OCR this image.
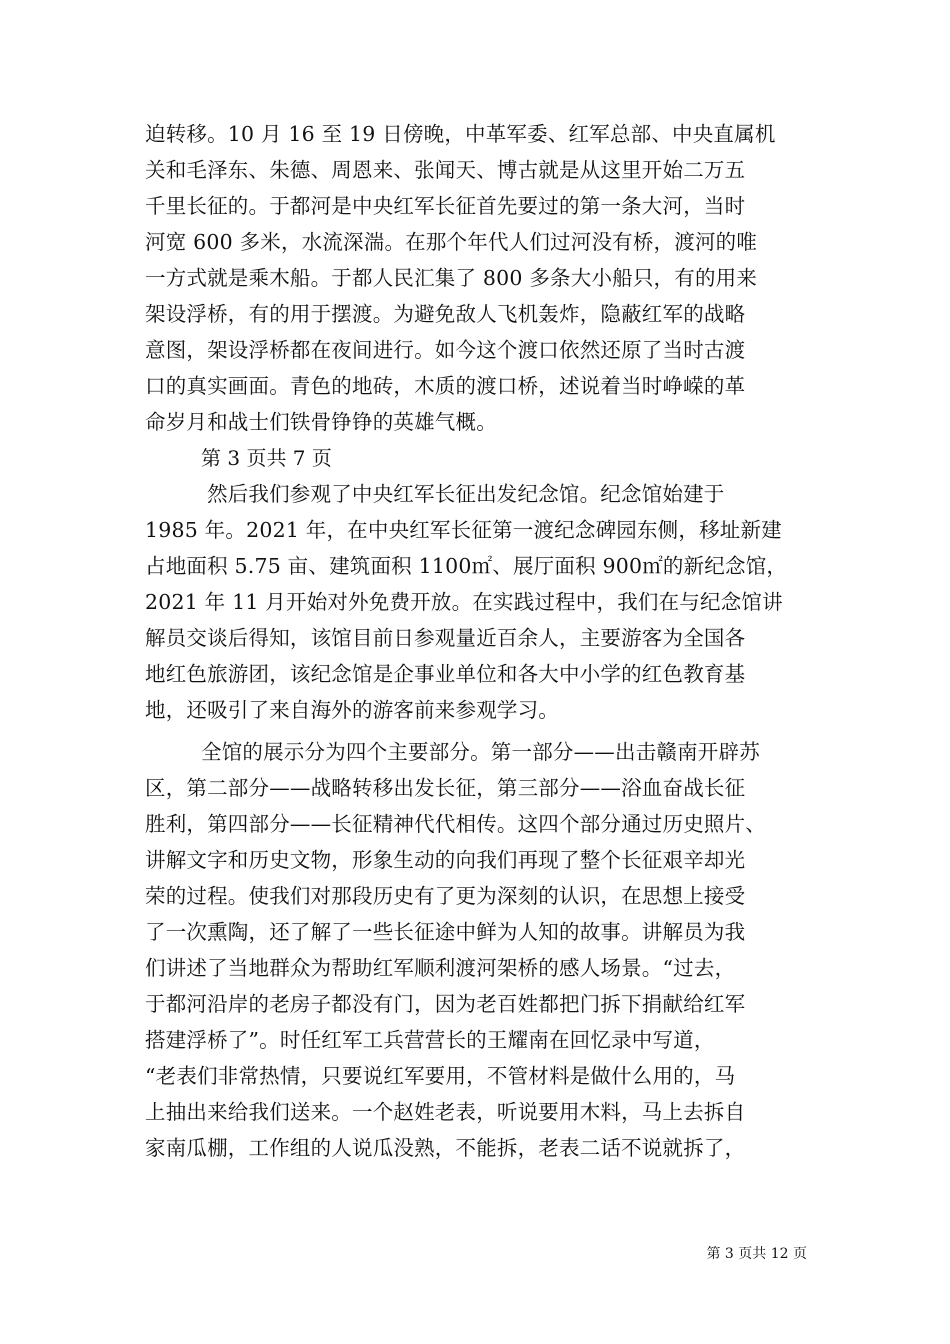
迫转移。10 月 16 至 19 日傍晚，中革军委、红军总部、中央直属机
关和毛泽东、朱德、周恩来、张闻天、博古就是从这里开始二万五
千里长征的。于都河是中央红军长征首先要过的第一条大河，当时
河宽 600 多米，水流深湍。在那个年代人们过河没有桥，渡河的唯
一方式就是乘木船。于都人民汇集了 800 多条大小船只，有的用来
架设浮桥，有的用于摆渡。为避免敌人飞机轰炸，隐蔽红军的战略
意图，架设浮桥都在夜间进行。如今这个渡口依然还原了当时古渡
口的真实画面。青色的地砖，木质的渡口桥，述说着当时峥嵘的革
命岁月和战士们铁骨铮铮的英雄气概。
第 3 页共 7 页
然后我们参观了中央红军长征出发纪念馆。纪念馆始建于
1985 年。2021 年，在中央红军长征第一渡纪念碑园东侧，移址新建
占地面积 5.75 亩、建筑面积 1100㎡、展厅面积 900㎡的新纪念馆，
2021 年 11 月开始对外免费开放。在实践过程中，我们在与纪念馆讲
解员交谈后得知，该馆目前日参观量近百余人，主要游客为全国各
地红色旅游团，该纪念馆是企事业单位和各大中小学的红色教育基
地，还吸引了来自海外的游客前来参观学习。
全馆的展示分为四个主要部分。第一部分——出击赣南开辟苏
区，第二部分——战略转移出发长征，第三部分——浴血奋战长征
胜利，第四部分——长征精神代代相传。这四个部分通过历史照片、
讲解文字和历史文物，形象生动的向我们再现了整个长征艰辛却光
荣的过程。使我们对那段历史有了更为深刻的认识，在思想上接受
了一次熏陶，还了解了一些长征途中鲜为人知的故事。讲解员为我
们讲述了当地群众为帮助红军顺利渡河架桥的感人场景。“过去，
于都河沿岸的老房子都没有门，因为老百姓都把门拆下捐献给红军
搭建浮桥了”。时任红军工兵营营长的王耀南在回忆录中写道，
“老表们非常热情，只要说红军要用，不管材料是做什么用的，马
上抽出来给我们送来。一个赵姓老表，听说要用木料，马上去拆自
家南瓜棚，工作组的人说瓜没熟，不能拆，老表二话不说就拆了，
第 3 页共 12 页
